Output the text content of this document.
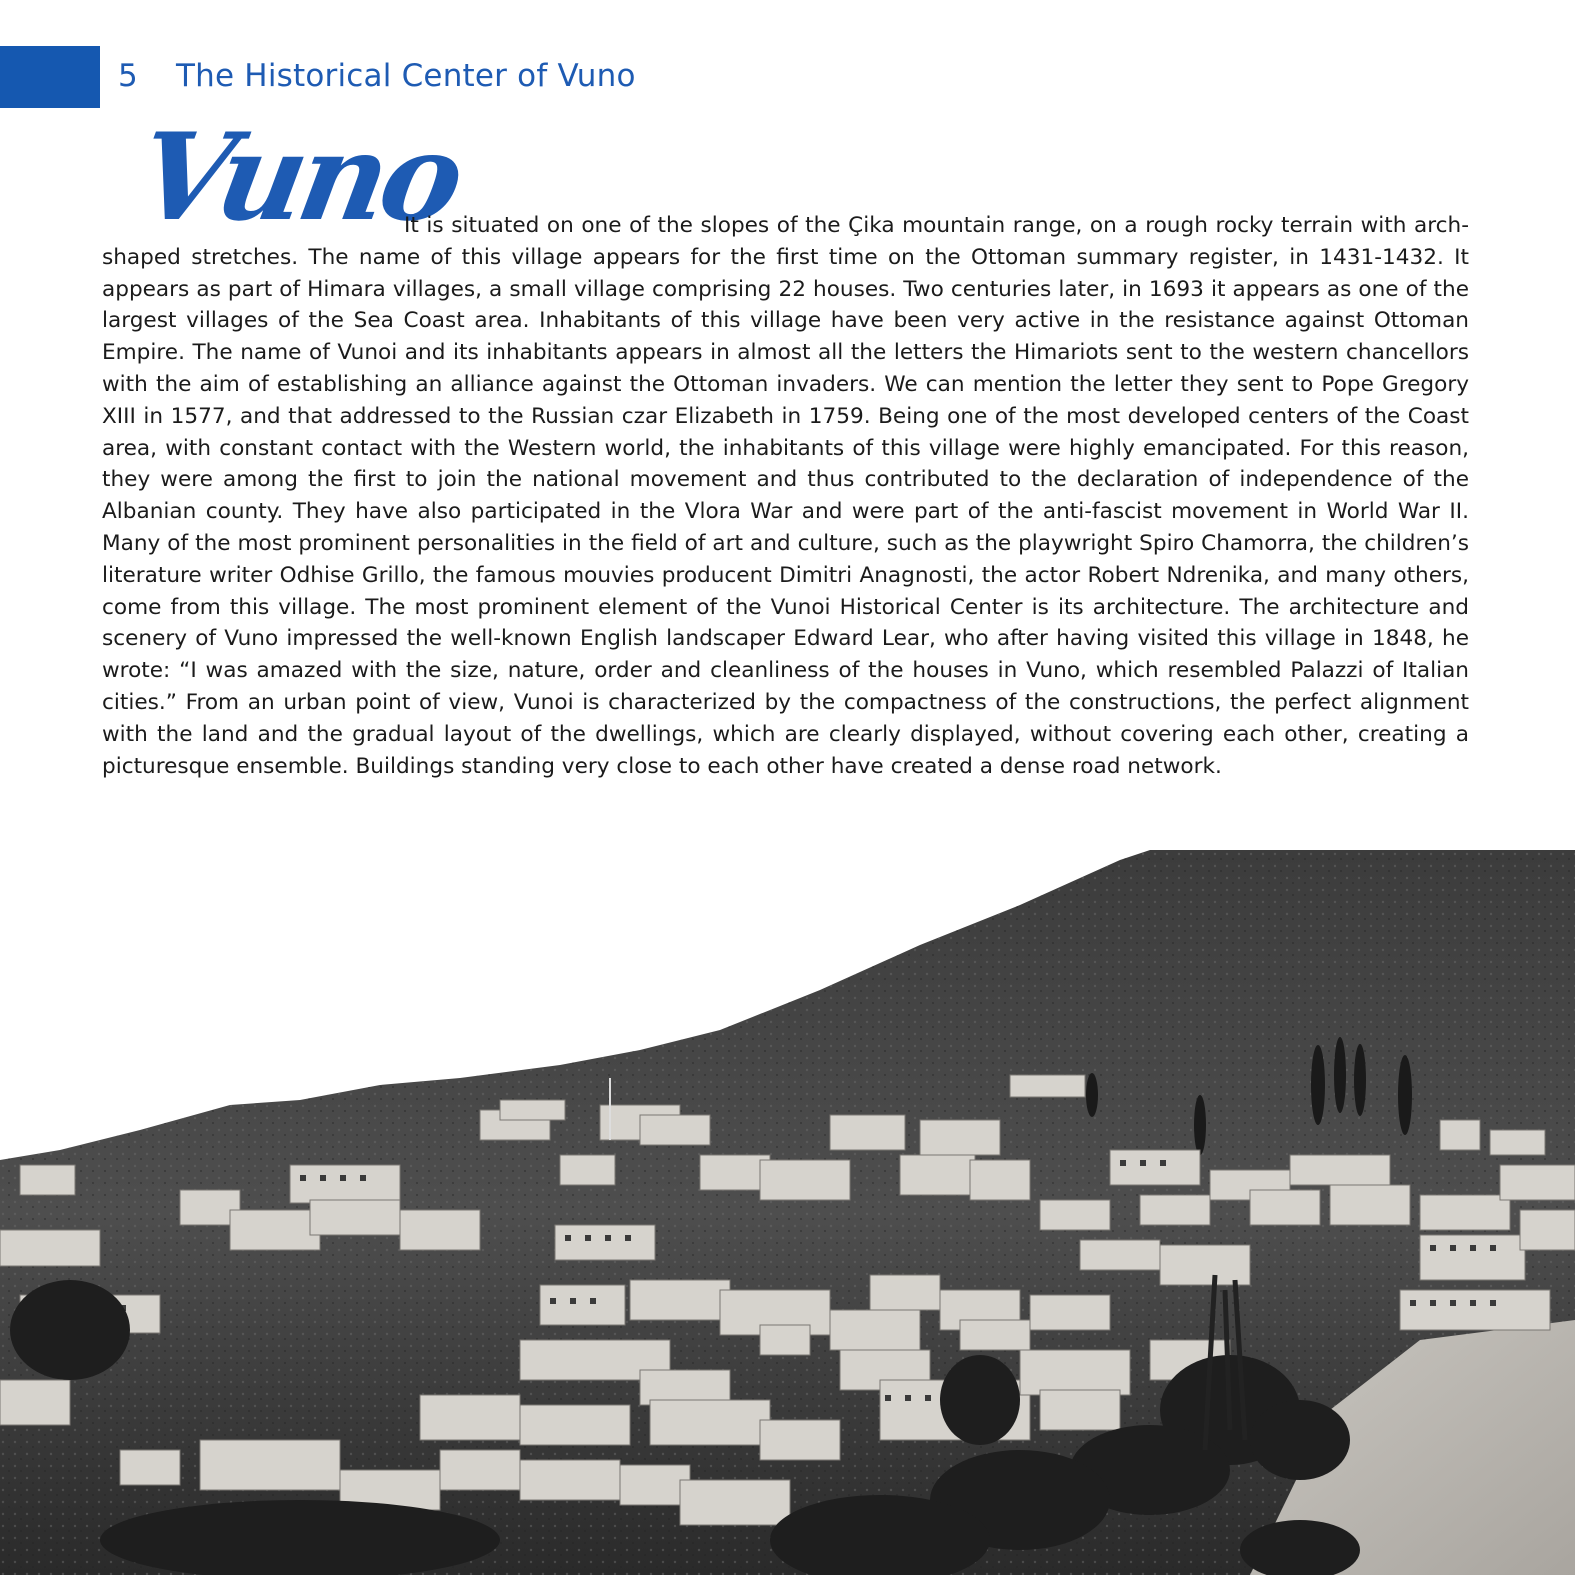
5 The Historical Center of Vuno
Vuno

It is situated on one of the slopes of the Çika mountain range, on a rough rocky terrain with arch-shaped stretches. The name of this village appears for the first time on the Ottoman summary register, in 1431-1432. It appears as part of Himara villages, a small village comprising 22 houses. Two centuries later, in 1693 it appears as one of the largest villages of the Sea Coast area. Inhabitants of this village have been very active in the resistance against Ottoman Empire. The name of Vunoi and its inhabitants appears in almost all the letters the Himariots sent to the western chancellors with the aim of establishing an alliance against the Ottoman invaders. We can mention the letter they sent to Pope Gregory XIII in 1577, and that addressed to the Russian czar Elizabeth in 1759. Being one of the most developed centers of the Coast area, with constant contact with the Western world, the inhabitants of this village were highly emancipated. For this reason, they were among the first to join the national movement and thus contributed to the declaration of independence of the Albanian county. They have also participated in the Vlora War and were part of the anti-fascist movement in World War II. Many of the most prominent personalities in the field of art and culture, such as the playwright Spiro Chamorra, the children’s literature writer Odhise Grillo, the famous mouvies producent Dimitri Anagnosti, the actor Robert Ndrenika, and many others, come from this village. The most prominent element of the Vunoi Historical Center is its architecture. The architecture and scenery of Vuno impressed the well-known English landscaper Edward Lear, who after having visited this village in 1848, he wrote: “I was amazed with the size, nature, order and cleanliness of the houses in Vuno, which resembled Palazzi of Italian cities.” From an urban point of view, Vunoi is characterized by the compactness of the constructions, the perfect alignment with the land and the gradual layout of the dwellings, which are clearly displayed, without covering each other, creating a picturesque ensemble. Buildings standing very close to each other have created a dense road network.
